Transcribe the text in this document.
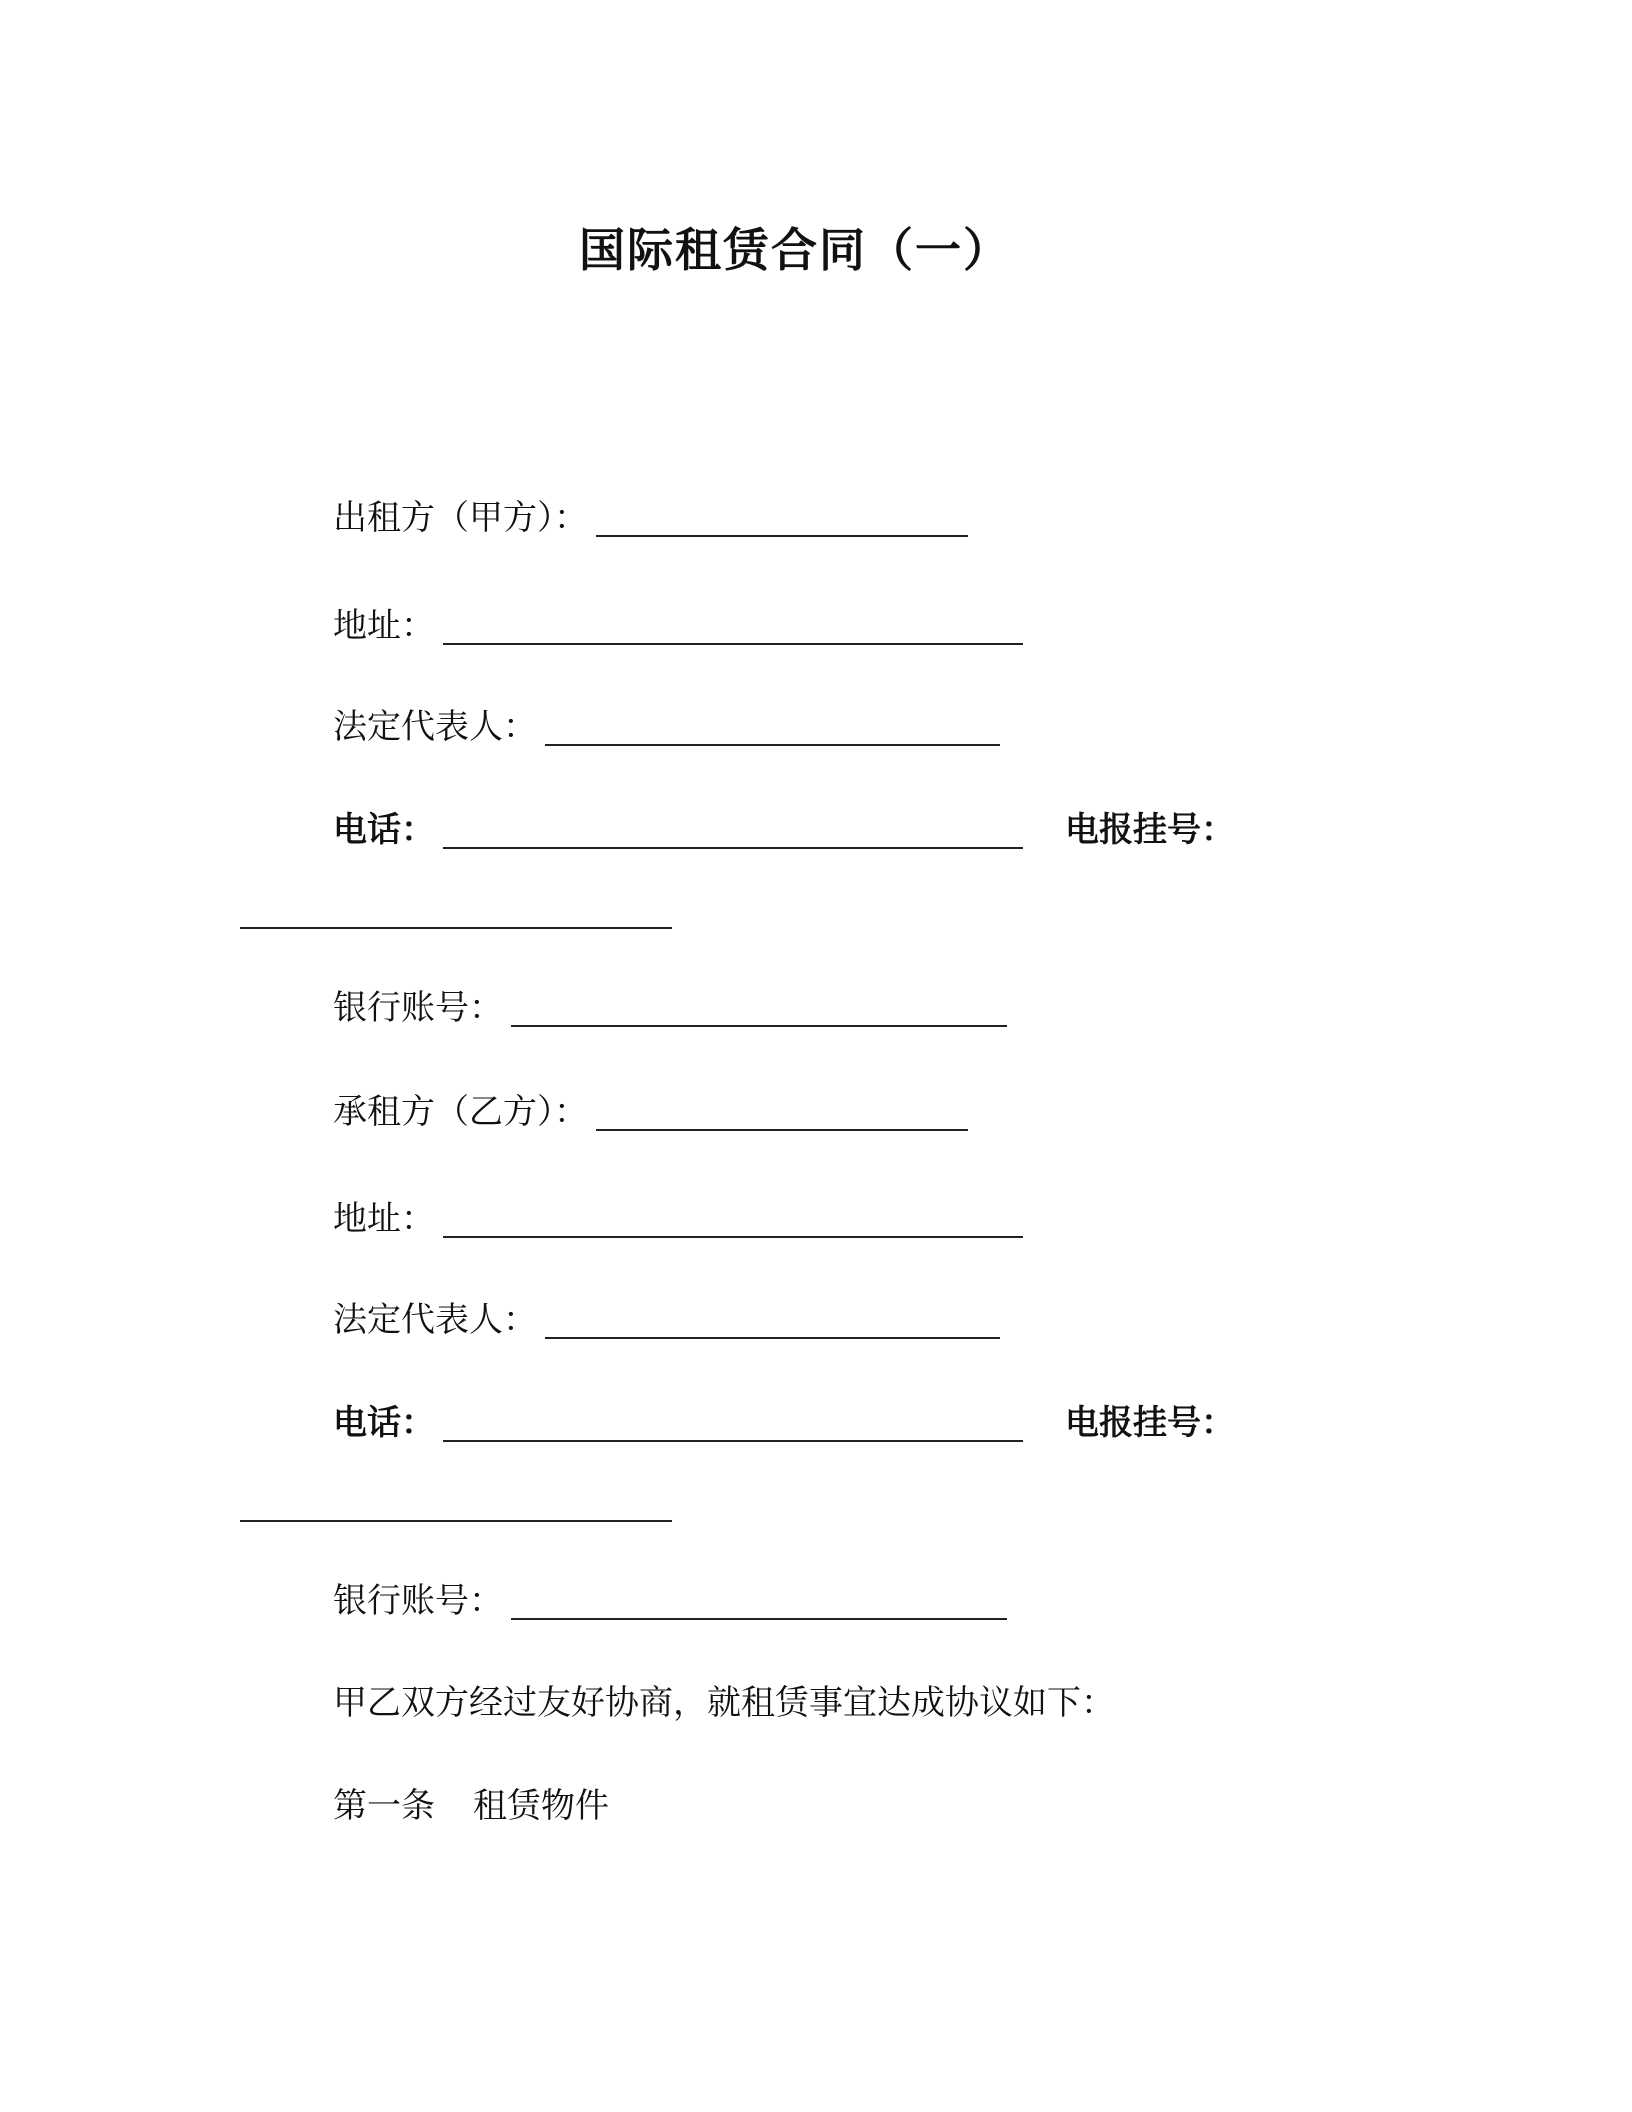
国际租赁合同（一）
出租方（甲方）：
地址：
法定代表人：
电话：	电报挂号：
银行账号：
承租方（乙方）：
地址：
法定代表人：
电话：	电报挂号：
银行账号：
甲乙双方经过友好协商，就租赁事宜达成协议如下：
第一条 租赁物件
